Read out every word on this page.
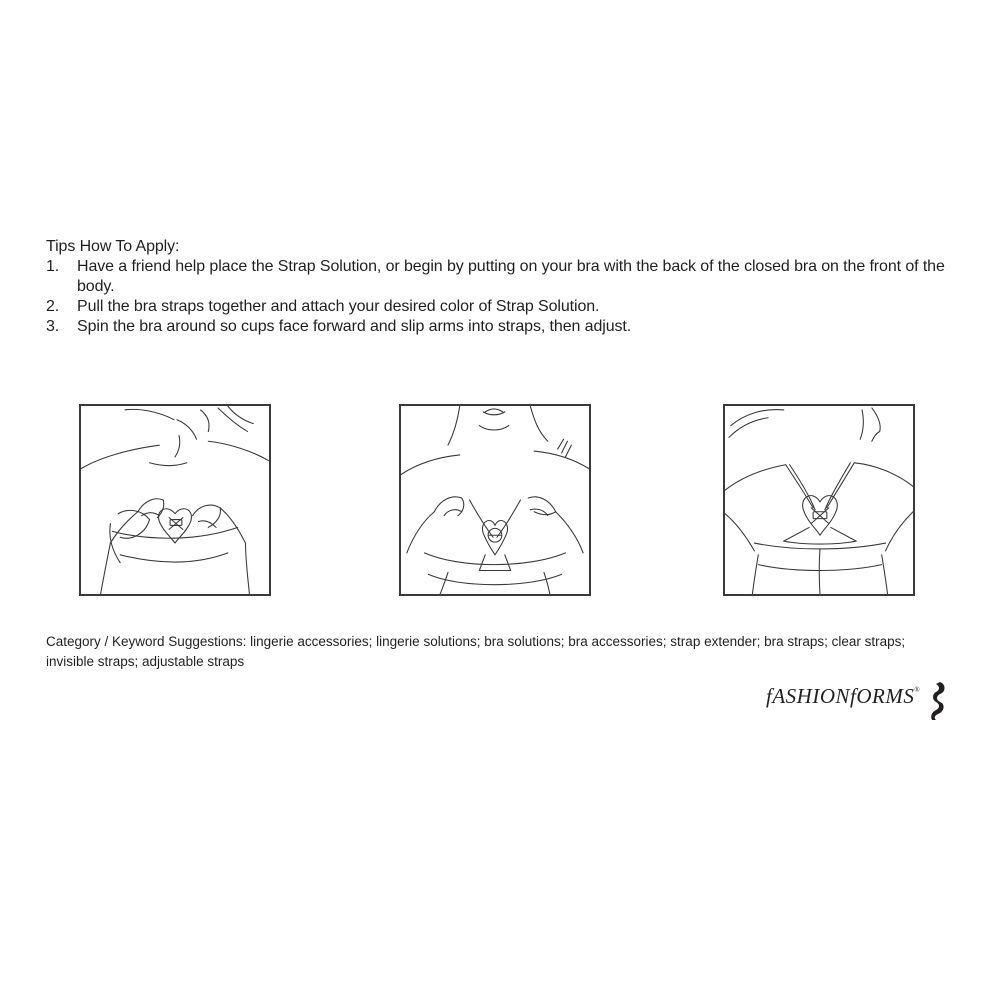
Tips How To Apply:
1. Have a friend help place the Strap Solution, or begin by putting on your bra with the back of the closed bra on the front of the body.
2. Pull the bra straps together and attach your desired color of Strap Solution.
3. Spin the bra around so cups face forward and slip arms into straps, then adjust.
Category / Keyword Suggestions: lingerie accessories; lingerie solutions; bra solutions; bra accessories; strap extender; bra straps; clear straps; invisible straps; adjustable straps
fASHIONfORMS®
